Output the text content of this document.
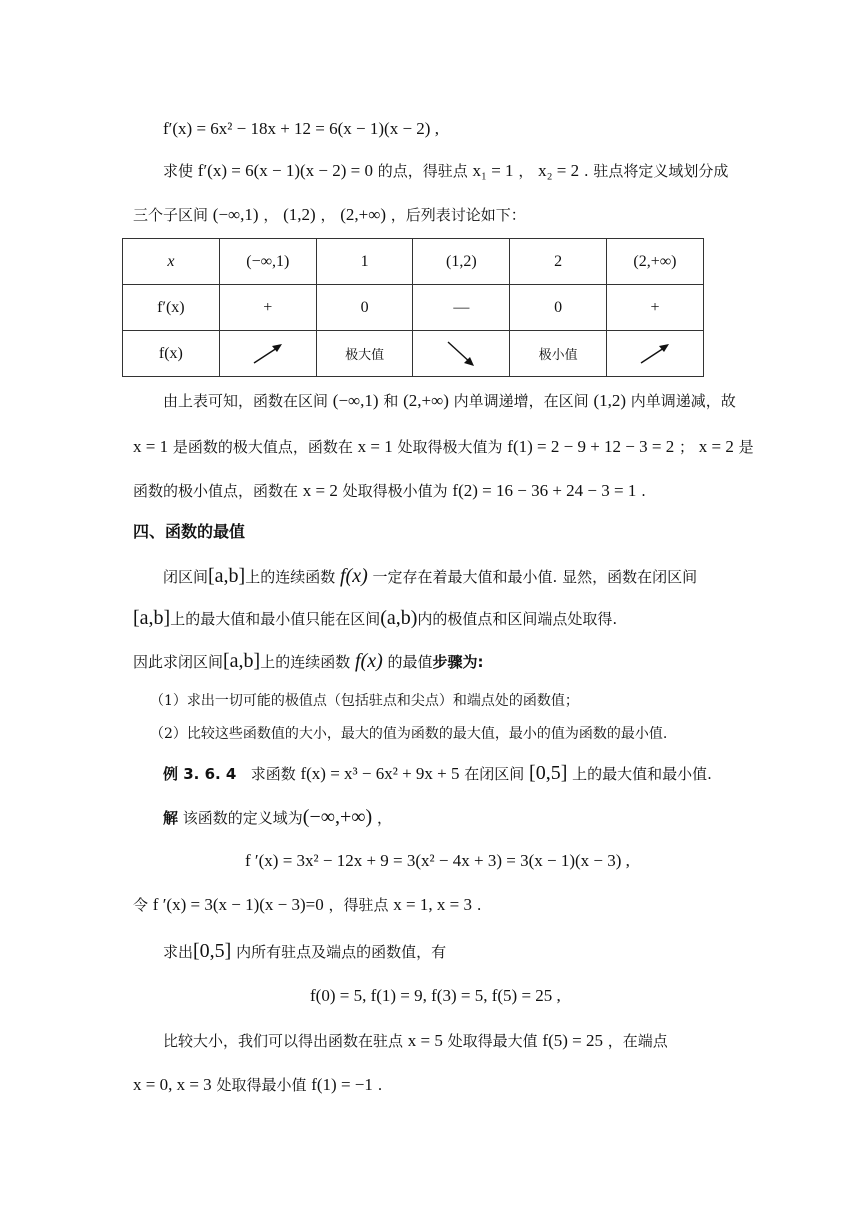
f′(x) = 6x² − 18x + 12 = 6(x − 1)(x − 2) ,
求使 f′(x) = 6(x − 1)(x − 2) = 0 的点，得驻点 x₁ = 1 ， x₂ = 2 . 驻点将定义域划分成
三个子区间 (−∞,1) ， (1,2) ， (2,+∞) ，后列表讨论如下：
x	(−∞,1)	1	(1,2)	2	(2,+∞)
f′(x)	+	0	—	0	+
f(x)		极大值		极小值	
由上表可知，函数在区间 (−∞,1) 和 (2,+∞) 内单调递增，在区间 (1,2) 内单调递减，故
x = 1 是函数的极大值点，函数在 x = 1 处取得极大值为 f(1) = 2 − 9 + 12 − 3 = 2 ； x = 2 是
函数的极小值点，函数在 x = 2 处取得极小值为 f(2) = 16 − 36 + 24 − 3 = 1 .
四、函数的最值
闭区间[a,b]上的连续函数 f(x) 一定存在着最大值和最小值. 显然，函数在闭区间
[a,b]上的最大值和最小值只能在区间(a,b)内的极值点和区间端点处取得.
因此求闭区间[a,b]上的连续函数 f(x) 的最值步骤为:
（1）求出一切可能的极值点（包括驻点和尖点）和端点处的函数值；
（2）比较这些函数值的大小，最大的值为函数的最大值，最小的值为函数的最小值.
例 3. 6. 4 求函数 f(x) = x³ − 6x² + 9x + 5 在闭区间 [0,5] 上的最大值和最小值.
解 该函数的定义域为(−∞,+∞) ，
f ′(x) = 3x² − 12x + 9 = 3(x² − 4x + 3) = 3(x − 1)(x − 3) ,
令 f ′(x) = 3(x − 1)(x − 3)=0 ，得驻点 x = 1, x = 3 .
求出[0,5] 内所有驻点及端点的函数值，有
f(0) = 5, f(1) = 9, f(3) = 5, f(5) = 25 ,
比较大小，我们可以得出函数在驻点 x = 5 处取得最大值 f(5) = 25 ，在端点
x = 0, x = 3 处取得最小值 f(1) = −1 .
